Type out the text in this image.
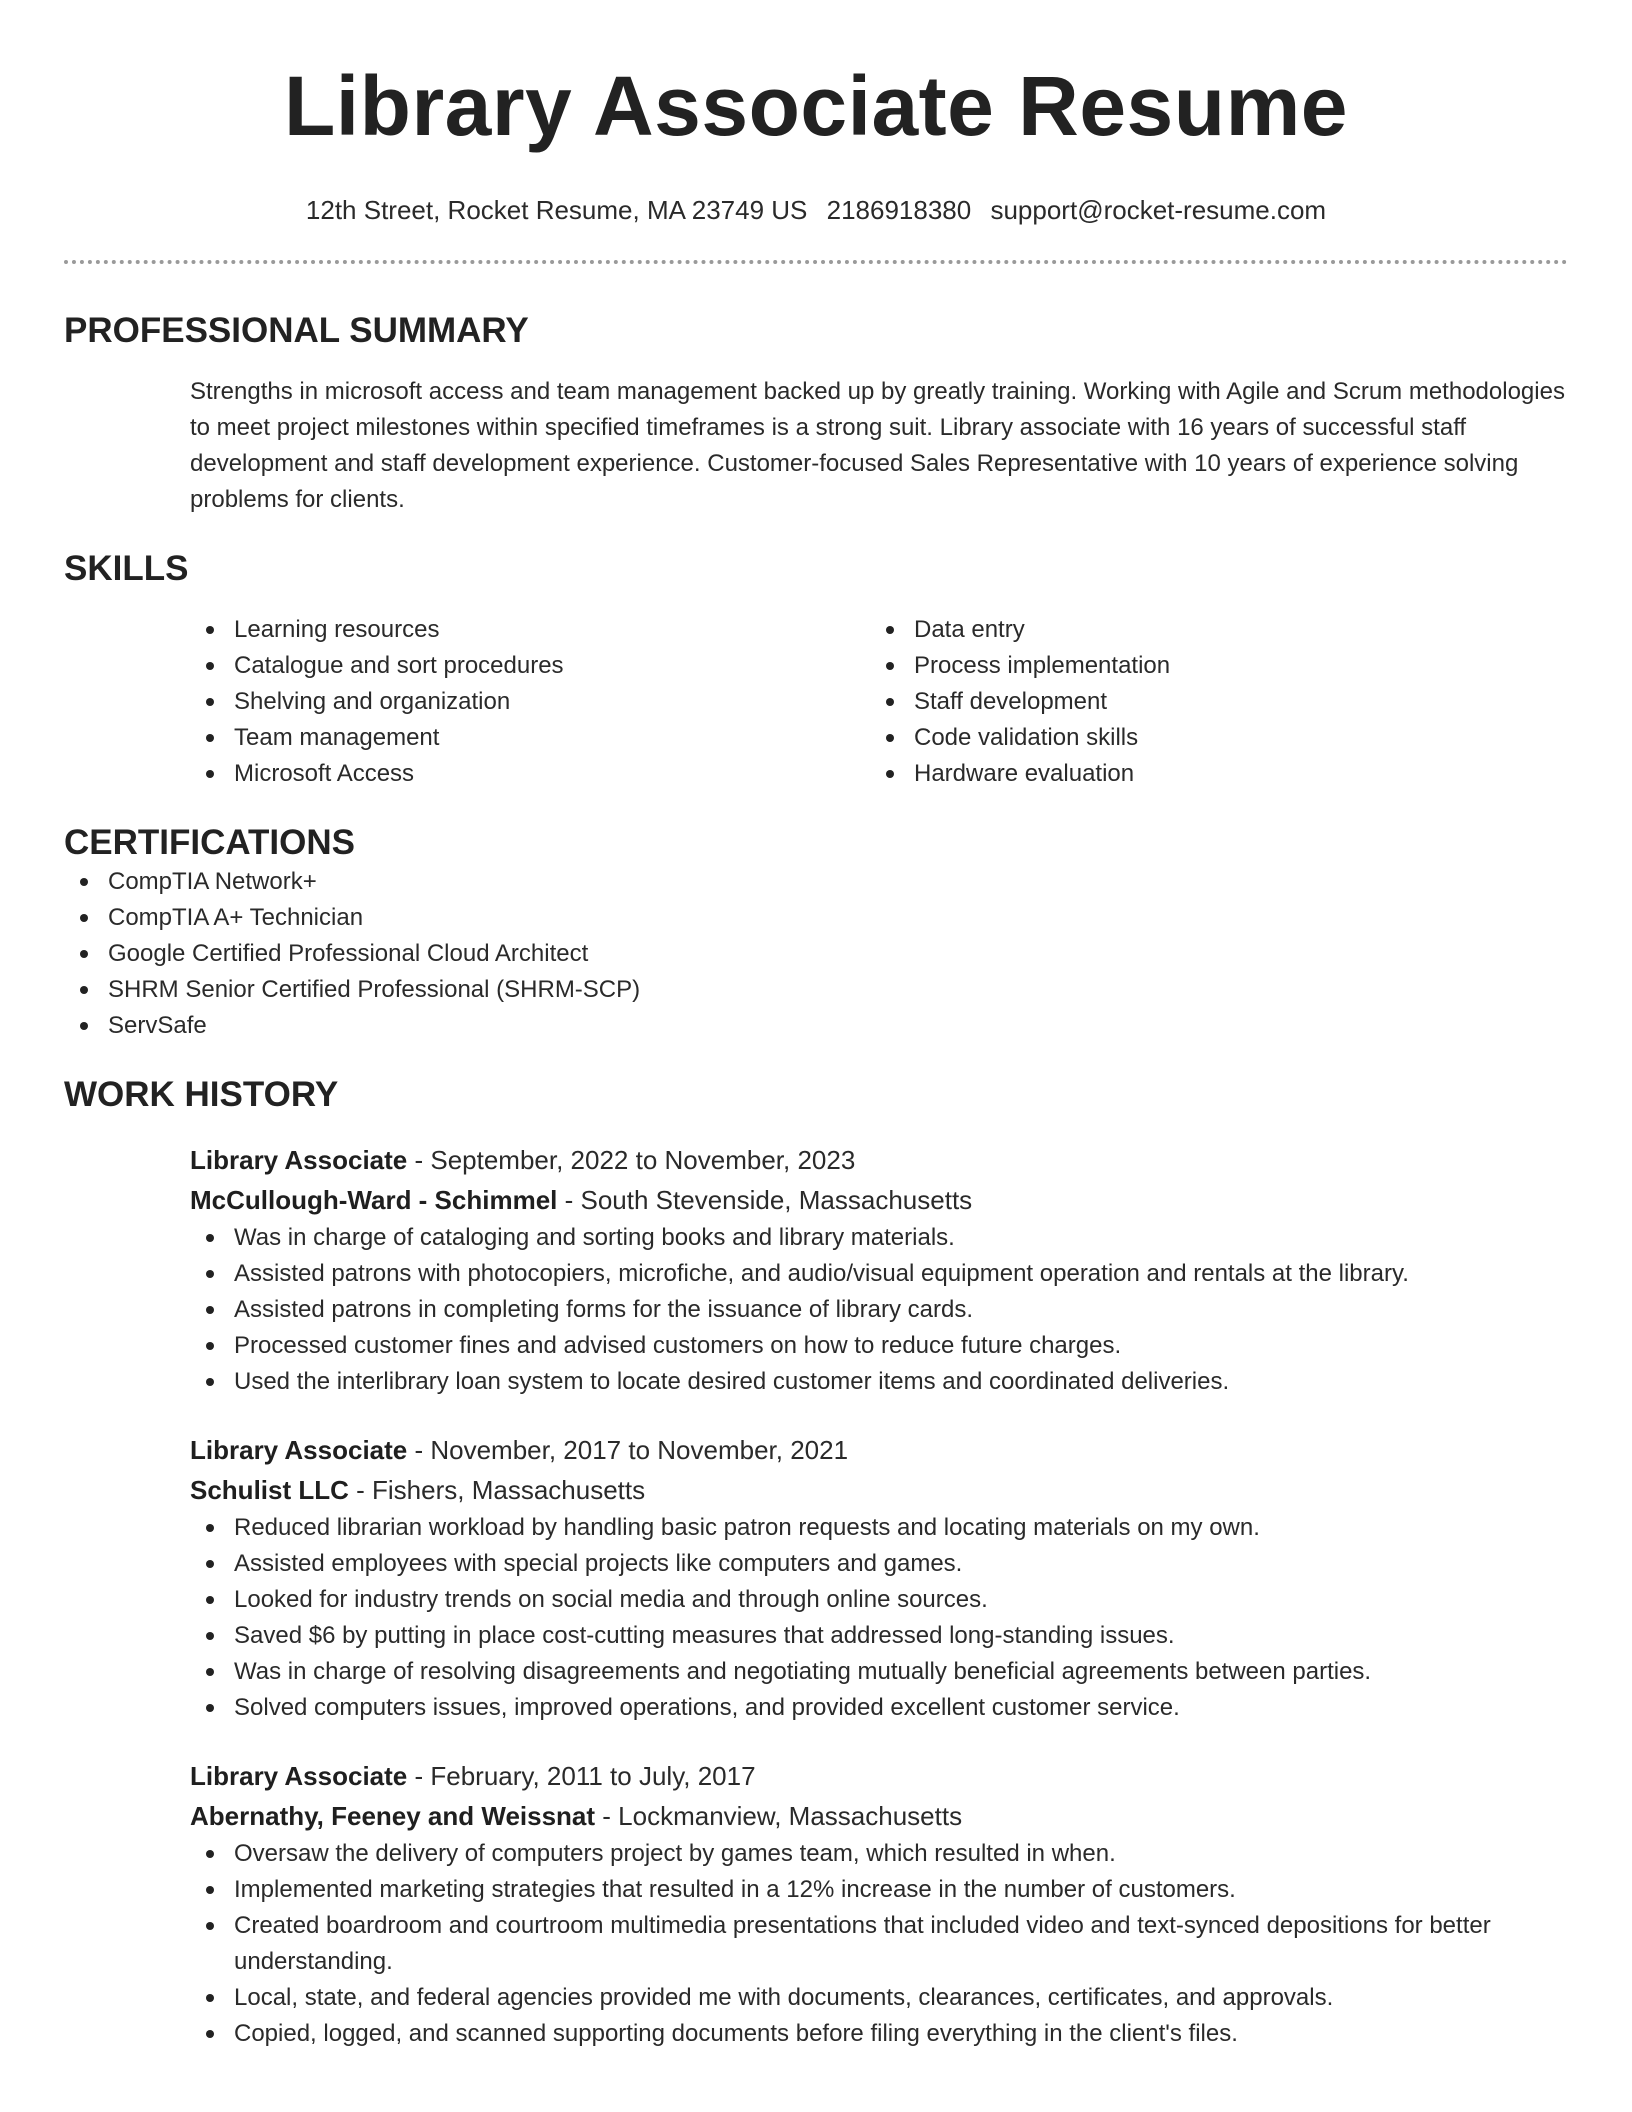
Library Associate Resume
12th Street, Rocket Resume, MA 23749 US 2186918380 support@rocket-resume.com
PROFESSIONAL SUMMARY

Strengths in microsoft access and team management backed up by greatly training. Working with Agile and Scrum methodologies to meet project milestones within specified timeframes is a strong suit. Library associate with 16 years of successful staff development and staff development experience. Customer-focused Sales Representative with 10 years of experience solving problems for clients.

SKILLS
Learning resources
Catalogue and sort procedures
Shelving and organization
Team management
Microsoft Access
Data entry
Process implementation
Staff development
Code validation skills
Hardware evaluation
CERTIFICATIONS
CompTIA Network+
CompTIA A+ Technician
Google Certified Professional Cloud Architect
SHRM Senior Certified Professional (SHRM-SCP)
ServSafe
WORK HISTORY
Library Associate - September, 2022 to November, 2023
McCullough-Ward - Schimmel - South Stevenside, Massachusetts
Was in charge of cataloging and sorting books and library materials.
Assisted patrons with photocopiers, microfiche, and audio/visual equipment operation and rentals at the library.
Assisted patrons in completing forms for the issuance of library cards.
Processed customer fines and advised customers on how to reduce future charges.
Used the interlibrary loan system to locate desired customer items and coordinated deliveries.
Library Associate - November, 2017 to November, 2021
Schulist LLC - Fishers, Massachusetts
Reduced librarian workload by handling basic patron requests and locating materials on my own.
Assisted employees with special projects like computers and games.
Looked for industry trends on social media and through online sources.
Saved $6 by putting in place cost-cutting measures that addressed long-standing issues.
Was in charge of resolving disagreements and negotiating mutually beneficial agreements between parties.
Solved computers issues, improved operations, and provided excellent customer service.
Library Associate - February, 2011 to July, 2017
Abernathy, Feeney and Weissnat - Lockmanview, Massachusetts
Oversaw the delivery of computers project by games team, which resulted in when.
Implemented marketing strategies that resulted in a 12% increase in the number of customers.
Created boardroom and courtroom multimedia presentations that included video and text-synced depositions for better understanding.
Local, state, and federal agencies provided me with documents, clearances, certificates, and approvals.
Copied, logged, and scanned supporting documents before filing everything in the client's files.
